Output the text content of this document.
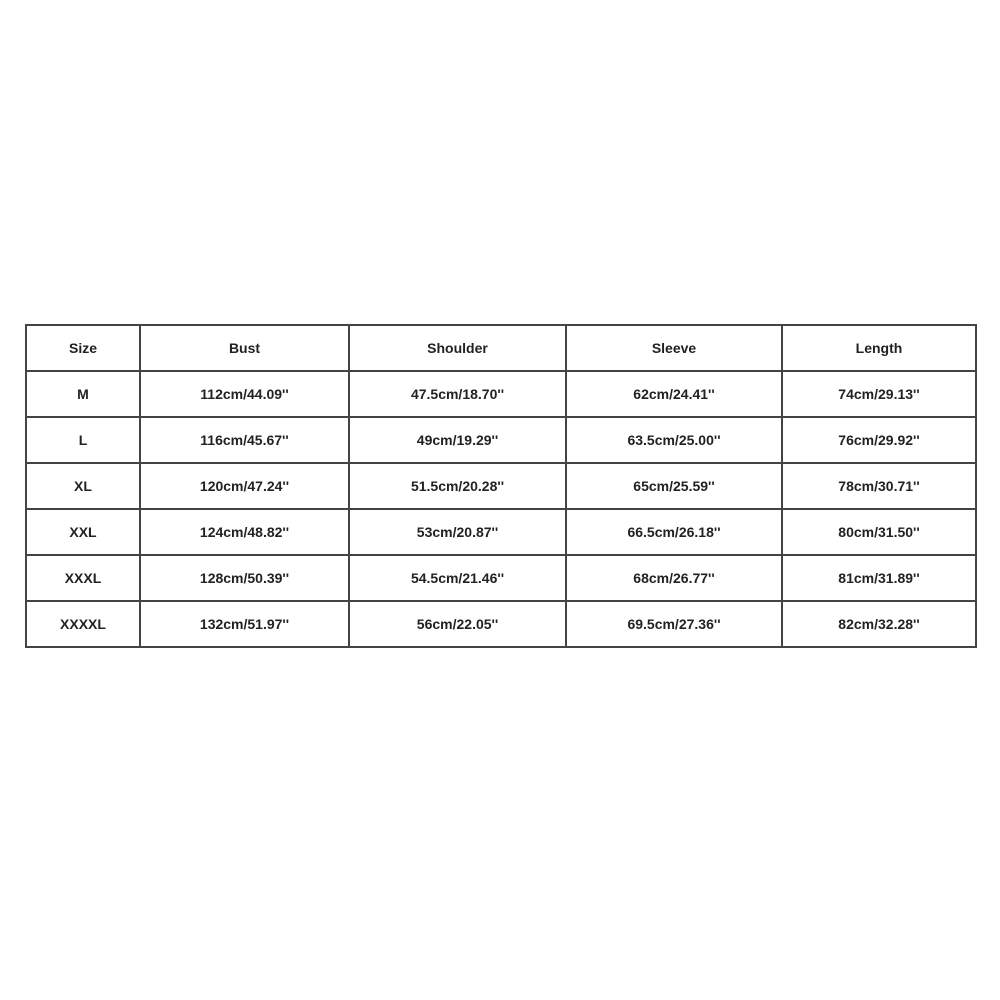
Size	Bust	Shoulder	Sleeve	Length
M	112cm/44.09''	47.5cm/18.70''	62cm/24.41''	74cm/29.13''
L	116cm/45.67''	49cm/19.29''	63.5cm/25.00''	76cm/29.92''
XL	120cm/47.24''	51.5cm/20.28''	65cm/25.59''	78cm/30.71''
XXL	124cm/48.82''	53cm/20.87''	66.5cm/26.18''	80cm/31.50''
XXXL	128cm/50.39''	54.5cm/21.46''	68cm/26.77''	81cm/31.89''
XXXXL	132cm/51.97''	56cm/22.05''	69.5cm/27.36''	82cm/32.28''
